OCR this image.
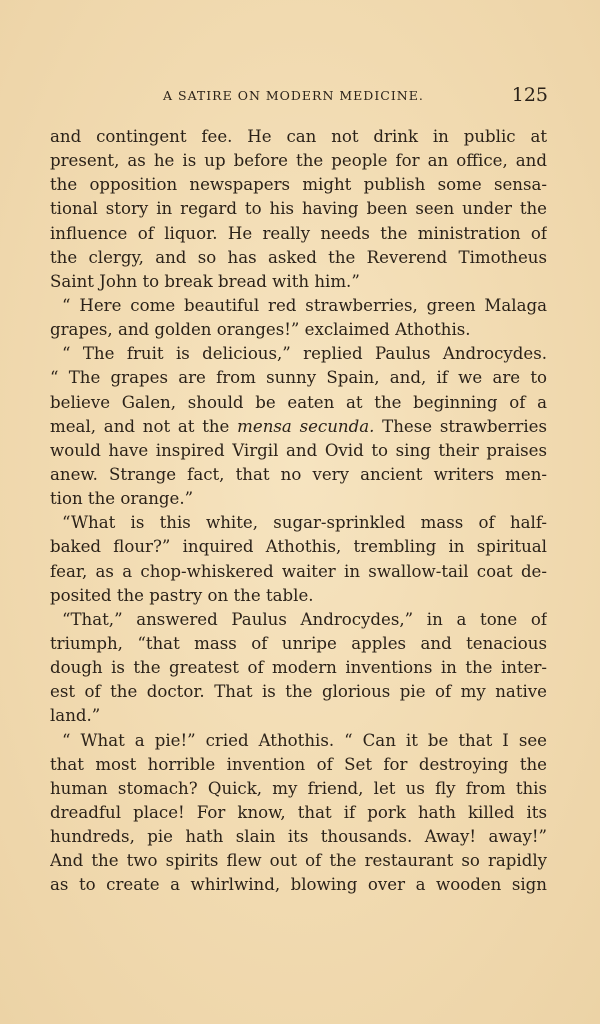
A SATIRE ON MODERN MEDICINE.	125
and contingent fee. He can not drink in public at
present, as he is up before the people for an office, and
the opposition newspapers might publish some sensa-
tional story in regard to his having been seen under the
influence of liquor. He really needs the ministration of
the clergy, and so has asked the Reverend Timotheus
Saint John to break bread with him.”
“ Here come beautiful red strawberries, green Malaga
grapes, and golden oranges!” exclaimed Athothis.
“ The fruit is delicious,” replied Paulus Androcydes.
“ The grapes are from sunny Spain, and, if we are to
believe Galen, should be eaten at the beginning of a
meal, and not at the mensa secunda. These strawberries
would have inspired Virgil and Ovid to sing their praises
anew. Strange fact, that no very ancient writers men-
tion the orange.”
“What is this white, sugar-sprinkled mass of half-
baked flour?” inquired Athothis, trembling in spiritual
fear, as a chop-whiskered waiter in swallow-tail coat de-
posited the pastry on the table.
“That,” answered Paulus Androcydes,” in a tone of
triumph, “that mass of unripe apples and tenacious
dough is the greatest of modern inventions in the inter-
est of the doctor. That is the glorious pie of my native
land.”
“ What a pie!” cried Athothis. “ Can it be that I see
that most horrible invention of Set for destroying the
human stomach? Quick, my friend, let us fly from this
dreadful place! For know, that if pork hath killed its
hundreds, pie hath slain its thousands. Away! away!”
And the two spirits flew out of the restaurant so rapidly
as to create a whirlwind, blowing over a wooden sign
